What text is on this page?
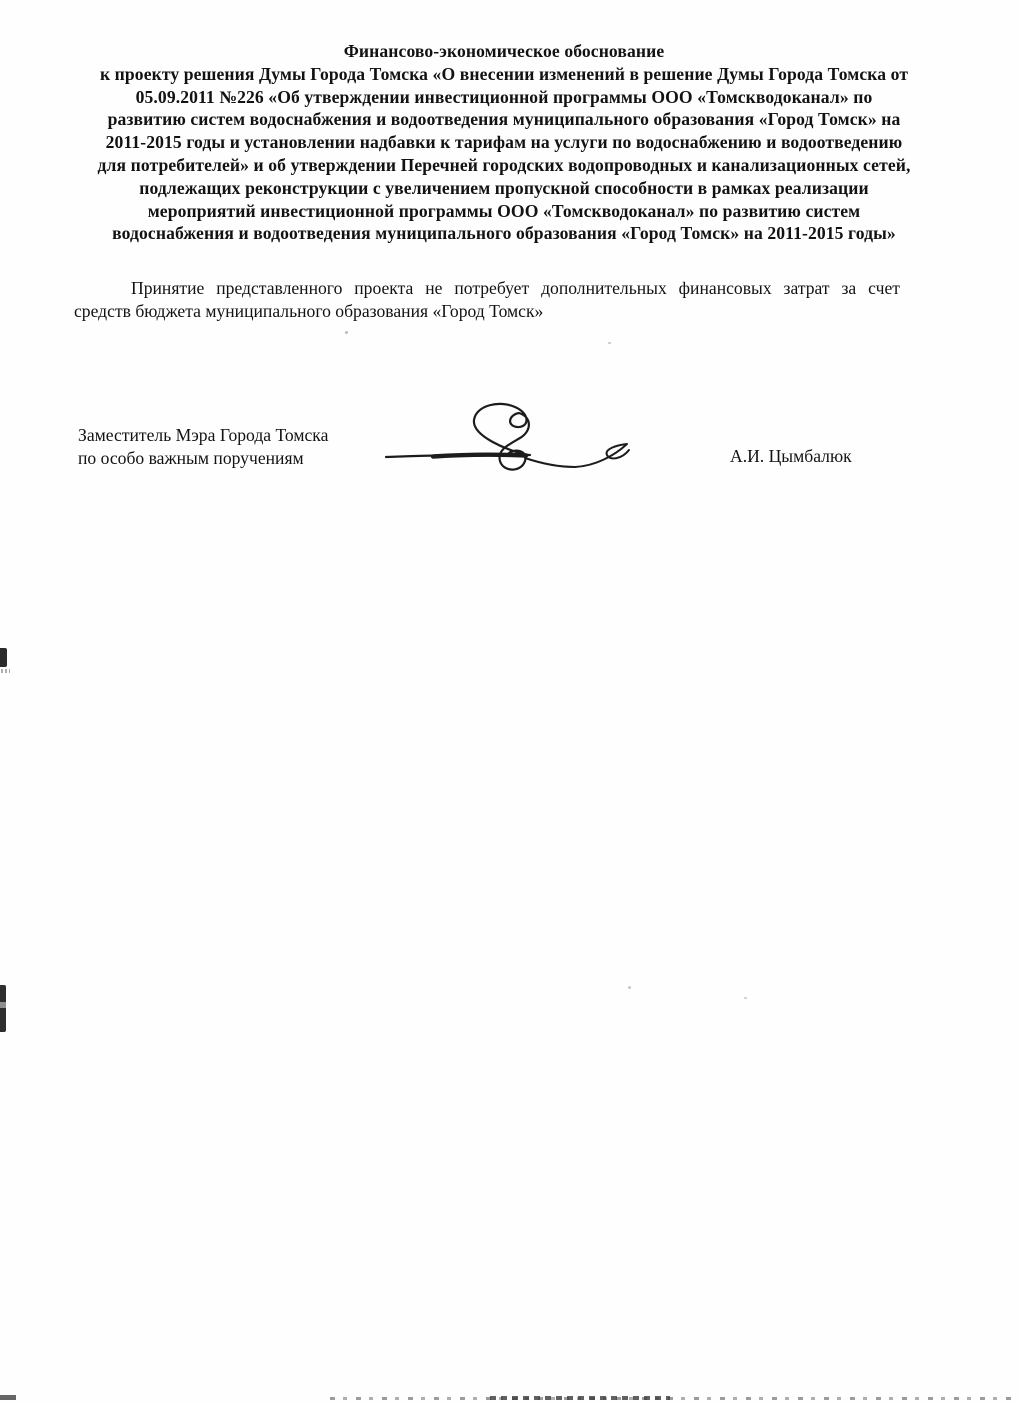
Финансово-экономическое обоснование
к проекту решения Думы Города Томска «О внесении изменений в решение Думы Города Томска от
05.09.2011 №226 «Об утверждении инвестиционной программы ООО «Томскводоканал» по
развитию систем водоснабжения и водоотведения муниципального образования «Город Томск» на
2011-2015 годы и установлении надбавки к тарифам на услуги по водоснабжению и водоотведению
для потребителей» и об утверждении Перечней городских водопроводных и канализационных сетей,
подлежащих реконструкции с увеличением пропускной способности в рамках реализации
мероприятий инвестиционной программы ООО «Томскводоканал» по развитию систем
водоснабжения и водоотведения муниципального образования «Город Томск» на 2011-2015 годы»
Принятие представленного проекта не потребует дополнительных финансовых затрат за счет
средств бюджета муниципального образования «Город Томск»
Заместитель Мэра Города Томска
по особо важным поручениям	А.И. Цымбалюк
